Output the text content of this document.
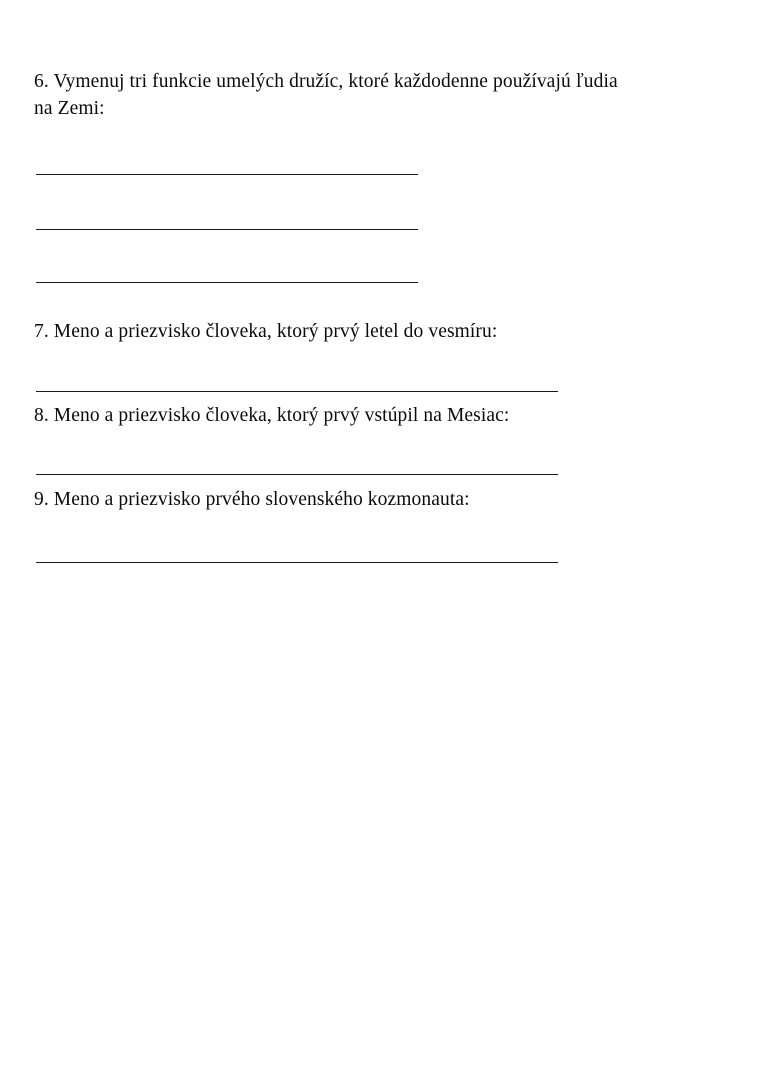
6. Vymenuj tri funkcie umelých družíc, ktoré každodenne používajú ľudia na Zemi:
7. Meno a priezvisko človeka, ktorý prvý letel do vesmíru:
8. Meno a priezvisko človeka, ktorý prvý vstúpil na Mesiac:
9. Meno a priezvisko prvého slovenského kozmonauta:
